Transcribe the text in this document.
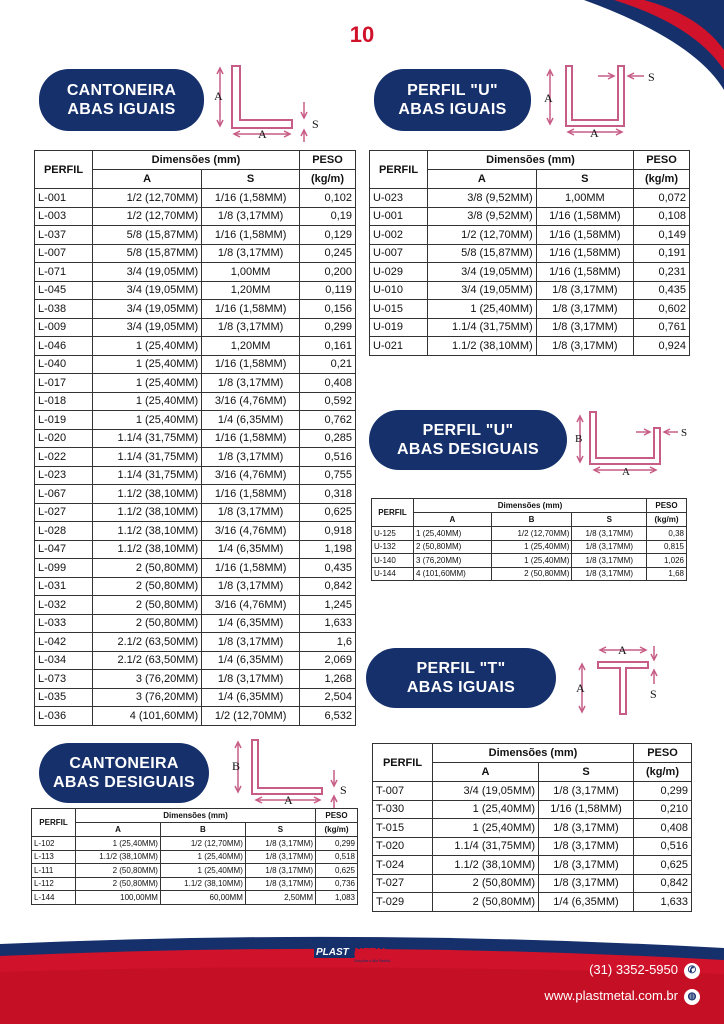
10
CANTONEIRA
ABAS IGUAIS
A
A
S
PERFIL	Dimensões (mm)		PESO
	A	S	(kg/m)
L-001	1/2 (12,70MM)	1/16 (1,58MM)	0,102
L-003	1/2 (12,70MM)	1/8 (3,17MM)	0,19
L-037	5/8 (15,87MM)	1/16 (1,58MM)	0,129
L-007	5/8 (15,87MM)	1/8 (3,17MM)	0,245
L-071	3/4 (19,05MM)	1,00MM	0,200
L-045	3/4 (19,05MM)	1,20MM	0,119
L-038	3/4 (19,05MM)	1/16 (1,58MM)	0,156
L-009	3/4 (19,05MM)	1/8 (3,17MM)	0,299
L-046	1 (25,40MM)	1,20MM	0,161
L-040	1 (25,40MM)	1/16 (1,58MM)	0,21
L-017	1 (25,40MM)	1/8 (3,17MM)	0,408
L-018	1 (25,40MM)	3/16 (4,76MM)	0,592
L-019	1 (25,40MM)	1/4 (6,35MM)	0,762
L-020	1.1/4 (31,75MM)	1/16 (1,58MM)	0,285
L-022	1.1/4 (31,75MM)	1/8 (3,17MM)	0,516
L-023	1.1/4 (31,75MM)	3/16 (4,76MM)	0,755
L-067	1.1/2 (38,10MM)	1/16 (1,58MM)	0,318
L-027	1.1/2 (38,10MM)	1/8 (3,17MM)	0,625
L-028	1.1/2 (38,10MM)	3/16 (4,76MM)	0,918
L-047	1.1/2 (38,10MM)	1/4 (6,35MM)	1,198
L-099	2 (50,80MM)	1/16 (1,58MM)	0,435
L-031	2 (50,80MM)	1/8 (3,17MM)	0,842
L-032	2 (50,80MM)	3/16 (4,76MM)	1,245
L-033	2 (50,80MM)	1/4 (6,35MM)	1,633
L-042	2.1/2 (63,50MM)	1/8 (3,17MM)	1,6
L-034	2.1/2 (63,50MM)	1/4 (6,35MM)	2,069
L-073	3 (76,20MM)	1/8 (3,17MM)	1,268
L-035	3 (76,20MM)	1/4 (6,35MM)	2,504
L-036	4 (101,60MM)	1/2 (12,70MM)	6,532
PERFIL "U"
ABAS IGUAIS
A
A
S
PERFIL	Dimensões (mm)		PESO
	A	S	(kg/m)
U-023	3/8 (9,52MM)	1,00MM	0,072
U-001	3/8 (9,52MM)	1/16 (1,58MM)	0,108
U-002	1/2 (12,70MM)	1/16 (1,58MM)	0,149
U-007	5/8 (15,87MM)	1/16 (1,58MM)	0,191
U-029	3/4 (19,05MM)	1/16 (1,58MM)	0,231
U-010	3/4 (19,05MM)	1/8 (3,17MM)	0,435
U-015	1 (25,40MM)	1/8 (3,17MM)	0,602
U-019	1.1/4 (31,75MM)	1/8 (3,17MM)	0,761
U-021	1.1/2 (38,10MM)	1/8 (3,17MM)	0,924
PERFIL "U"
ABAS DESIGUAIS
B
A
S
PERFIL	Dimensões (mm)			PESO
	A	B	S	(kg/m)
U-125	1 (25,40MM)	1/2 (12,70MM)	1/8 (3,17MM)	0,38
U-132	2 (50,80MM)	1 (25,40MM)	1/8 (3,17MM)	0,815
U-140	3 (76,20MM)	1 (25,40MM)	1/8 (3,17MM)	1,026
U-144	4 (101,60MM)	2 (50,80MM)	1/8 (3,17MM)	1,68
PERFIL "T"
ABAS IGUAIS
A
A	S
PERFIL	Dimensões (mm)		PESO
	A	S	(kg/m)
T-007	3/4 (19,05MM)	1/8 (3,17MM)	0,299
T-030	1 (25,40MM)	1/16 (1,58MM)	0,210
T-015	1 (25,40MM)	1/8 (3,17MM)	0,408
T-020	1.1/4 (31,75MM)	1/8 (3,17MM)	0,516
T-024	1.1/2 (38,10MM)	1/8 (3,17MM)	0,625
T-027	2 (50,80MM)	1/8 (3,17MM)	0,842
T-029	2 (50,80MM)	1/4 (6,35MM)	1,633
CANTONEIRA
ABAS DESIGUAIS
B
A
S
PERFIL	Dimensões (mm)			PESO
	A	B	S	(kg/m)
L-102	1 (25,40MM)	1/2 (12,70MM)	1/8 (3,17MM)	0,299
L-113	1.1/2 (38,10MM)	1 (25,40MM)	1/8 (3,17MM)	0,518
L-111	2 (50,80MM)	1 (25,40MM)	1/8 (3,17MM)	0,625
L-112	2 (50,80MM)	1.1/2 (38,10MM)	1/8 (3,17MM)	0,736
L-144	100,00MM	60,00MM	2,50MM	1,083
PLAST METAL
Soluções e Alto Padrão
(31) 3352-5950 ✆
www.plastmetal.com.br ◍
